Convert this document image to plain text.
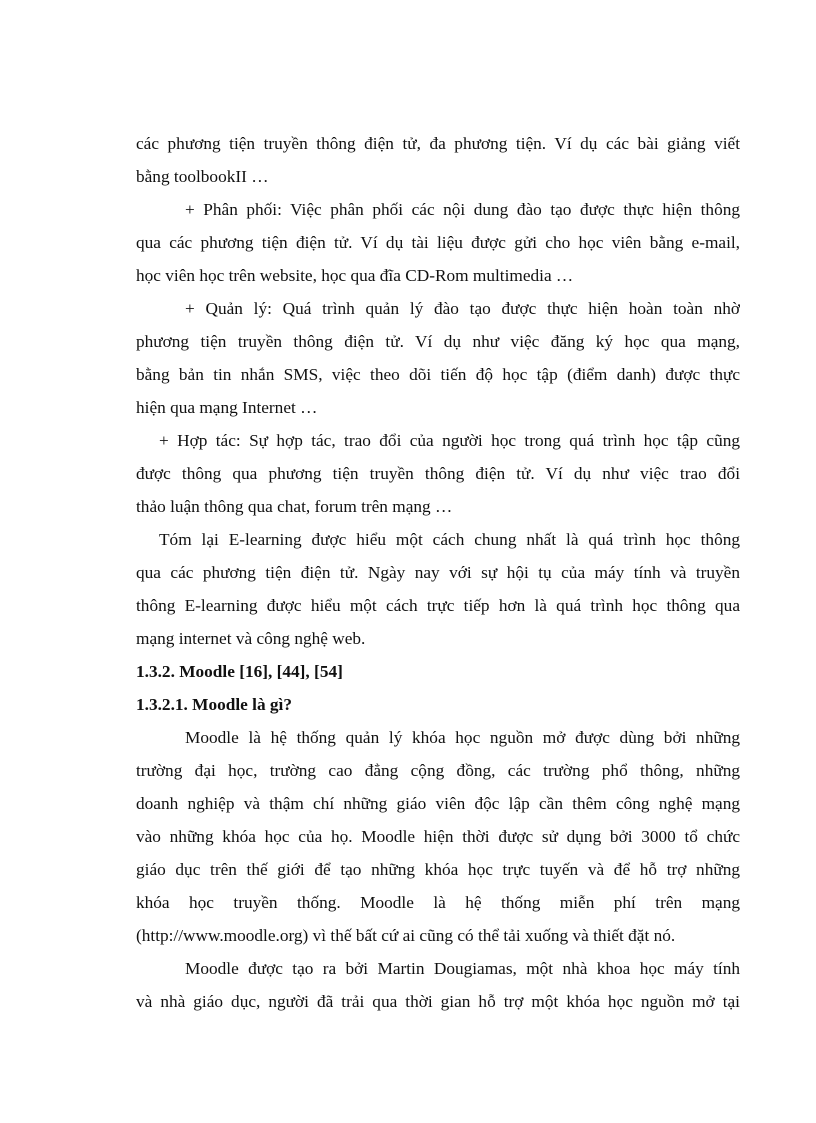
các phương tiện truyền thông điện tử, đa phương tiện. Ví dụ các bài giảng viết
bằng toolbookII …
+ Phân phối: Việc phân phối các nội dung đào tạo được thực hiện thông
qua các phương tiện điện tử. Ví dụ tài liệu được gửi cho học viên bằng e-mail,
học viên học trên website, học qua đĩa CD-Rom multimedia …
+ Quản lý: Quá trình quản lý đào tạo được thực hiện hoàn toàn nhờ
phương tiện truyền thông điện tử. Ví dụ như việc đăng ký học qua mạng,
bằng bản tin nhắn SMS, việc theo dõi tiến độ học tập (điểm danh) được thực
hiện qua mạng Internet …
+ Hợp tác: Sự hợp tác, trao đổi của người học trong quá trình học tập cũng
được thông qua phương tiện truyền thông điện tử. Ví dụ như việc trao đổi
thảo luận thông qua chat, forum trên mạng …
Tóm lại E-learning được hiểu một cách chung nhất là quá trình học thông
qua các phương tiện điện tử. Ngày nay với sự hội tụ của máy tính và truyền
thông E-learning được hiểu một cách trực tiếp hơn là quá trình học thông qua
mạng internet và công nghệ web.
1.3.2. Moodle [16], [44], [54]
1.3.2.1. Moodle là gì?
Moodle là hệ thống quản lý khóa học nguồn mở được dùng bởi những
trường đại học, trường cao đẳng cộng đồng, các trường phổ thông, những
doanh nghiệp và thậm chí những giáo viên độc lập cần thêm công nghệ mạng
vào những khóa học của họ. Moodle hiện thời được sử dụng bởi 3000 tổ chức
giáo dục trên thế giới để tạo những khóa học trực tuyến và để hỗ trợ những
khóa học truyền thống. Moodle là hệ thống miễn phí trên mạng
(http://www.moodle.org) vì thế bất cứ ai cũng có thể tải xuống và thiết đặt nó.
Moodle được tạo ra bởi Martin Dougiamas, một nhà khoa học máy tính
và nhà giáo dục, người đã trải qua thời gian hỗ trợ một khóa học nguồn mở tại
